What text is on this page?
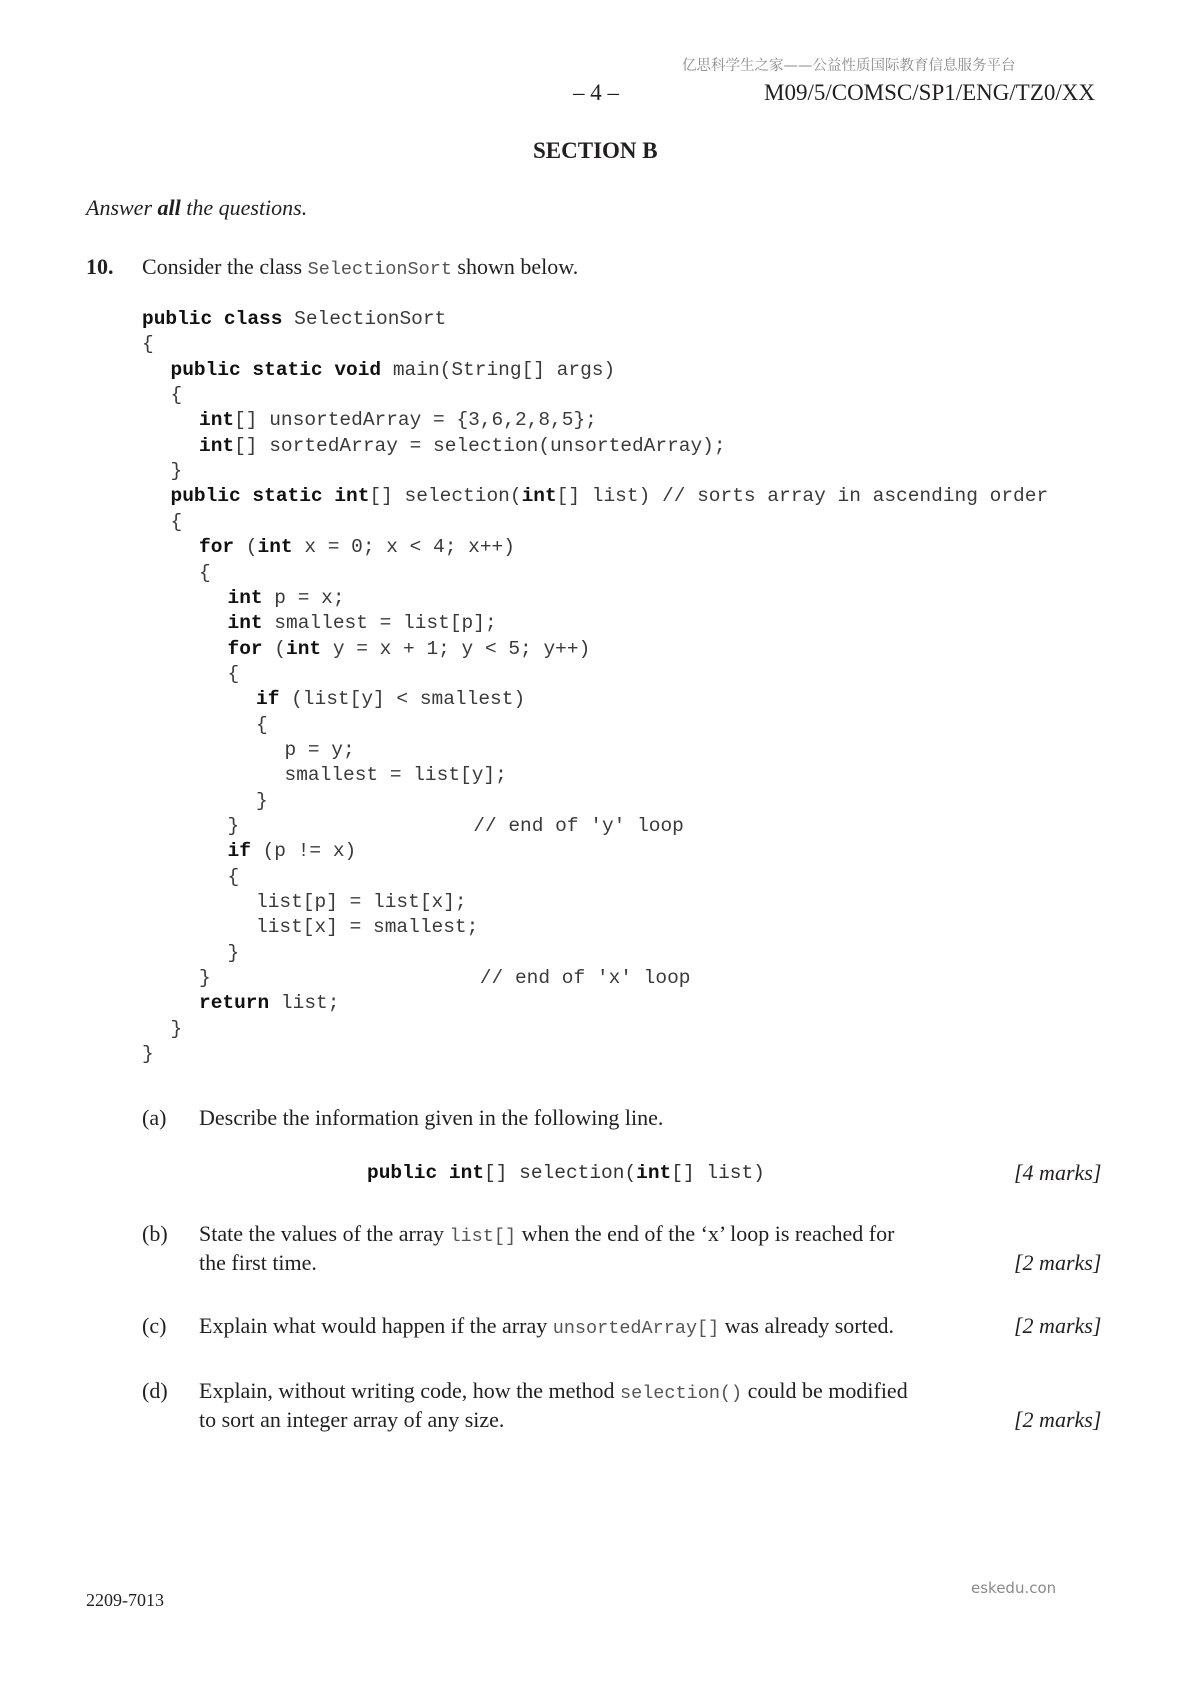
亿思科学生之家——公益性质国际教育信息服务平台
– 4 –	M09/5/COMSC/SP1/ENG/TZ0/XX
SECTION B
Answer all the questions.
10. Consider the class SelectionSort shown below.
public class SelectionSort
{
public static void main(String[] args)
{
int[] unsortedArray = {3,6,2,8,5};
int[] sortedArray = selection(unsortedArray);
}
public static int[] selection(int[] list) // sorts array in ascending order
{
for (int x = 0; x < 4; x++)
{
int p = x;
int smallest = list[p];
for (int y = x + 1; y < 5; y++)
{
if (list[y] < smallest)
{
p = y;
smallest = list[y];
}
}                    // end of 'y' loop
if (p != x)
{
list[p] = list[x];
list[x] = smallest;
}
}                       // end of 'x' loop
return list;
}
}
(a) Describe the information given in the following line.
public int[] selection(int[] list)	[4 marks]
(b) State the values of the array list[] when the end of the ‘x’ loop is reached for
the first time.	[2 marks]
(c) Explain what would happen if the array unsortedArray[] was already sorted.	[2 marks]
(d) Explain, without writing code, how the method selection() could be modified
to sort an integer array of any size.	[2 marks]
2209-7013
eskedu.con
